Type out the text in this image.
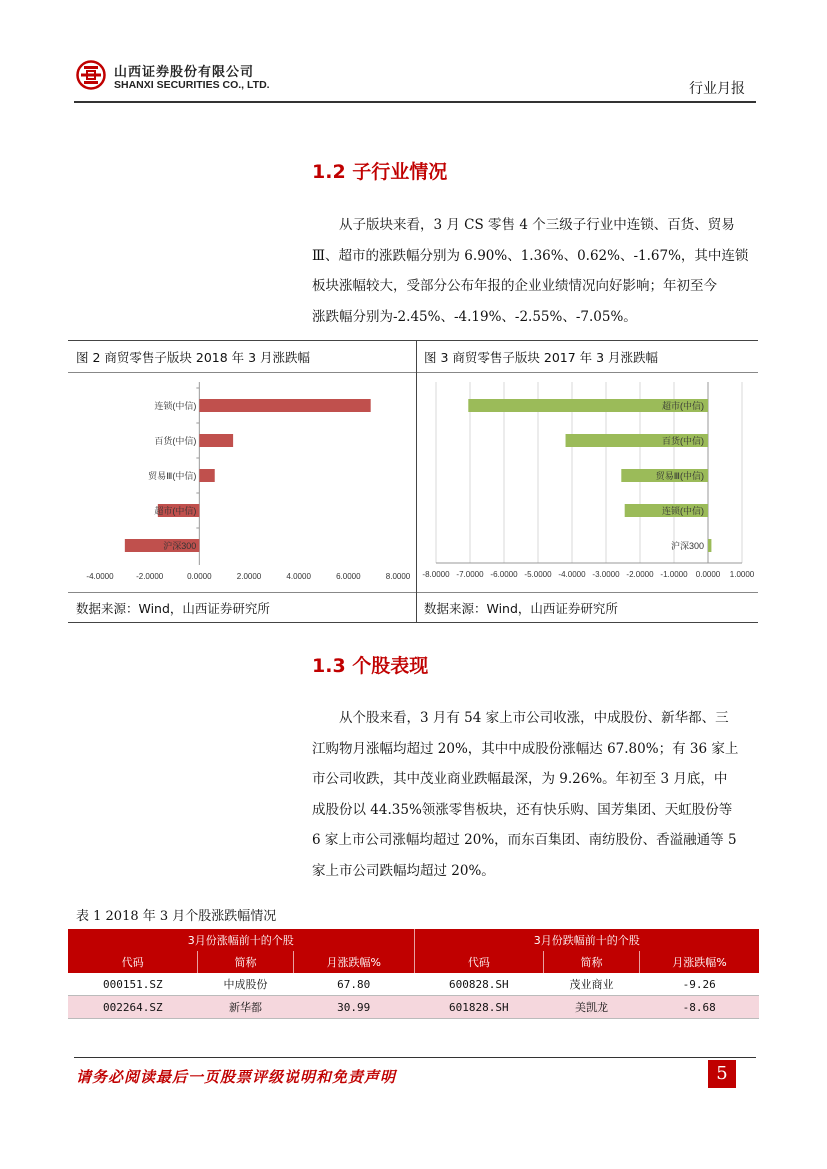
山西证券股份有限公司
SHANXI SECURITIES CO., LTD.	行业月报
1.2 子行业情况
从子版块来看，3 月 CS 零售 4 个三级子行业中连锁、百货、贸易
Ⅲ、超市的涨跌幅分别为 6.90%、1.36%、0.62%、-1.67%，其中连锁
板块涨幅较大，受部分公布年报的企业业绩情况向好影响；年初至今
涨跌幅分别为-2.45%、-4.19%、-2.55%、-7.05%。
图 2 商贸零售子版块 2018 年 3 月涨跌幅	图 3 商贸零售子版块 2017 年 3 月涨跌幅
连锁(中信)
百货(中信)
贸易Ⅲ(中信)
超市(中信)
沪深300
-4.0000	-2.0000	0.0000	2.0000	4.0000	6.0000	8.0000
超市(中信)
百货(中信)
贸易Ⅲ(中信)
连锁(中信)
沪深300
-8.0000 -7.0000 -6.0000 -5.0000 -4.0000 -3.0000 -2.0000 -1.0000 0.0000 1.0000
数据来源：Wind，山西证券研究所	数据来源：Wind，山西证券研究所
1.3 个股表现
从个股来看，3 月有 54 家上市公司收涨，中成股份、新华都、三
江购物月涨幅均超过 20%，其中中成股份涨幅达 67.80%；有 36 家上
市公司收跌，其中茂业商业跌幅最深，为 9.26%。年初至 3 月底，中
成股份以 44.35%领涨零售板块，还有快乐购、国芳集团、天虹股份等
6 家上市公司涨幅均超过 20%，而东百集团、南纺股份、香溢融通等 5
家上市公司跌幅均超过 20%。
表 1 2018 年 3 月个股涨跌幅情况
3月份涨幅前十的个股			3月份跌幅前十的个股		
代码	简称	月涨跌幅%	代码	简称	月涨跌幅%
000151.SZ	中成股份	67.80	600828.SH	茂业商业	-9.26
002264.SZ	新华都	30.99	601828.SH	美凯龙	-8.68
请务必阅读最后一页股票评级说明和免责声明	5
